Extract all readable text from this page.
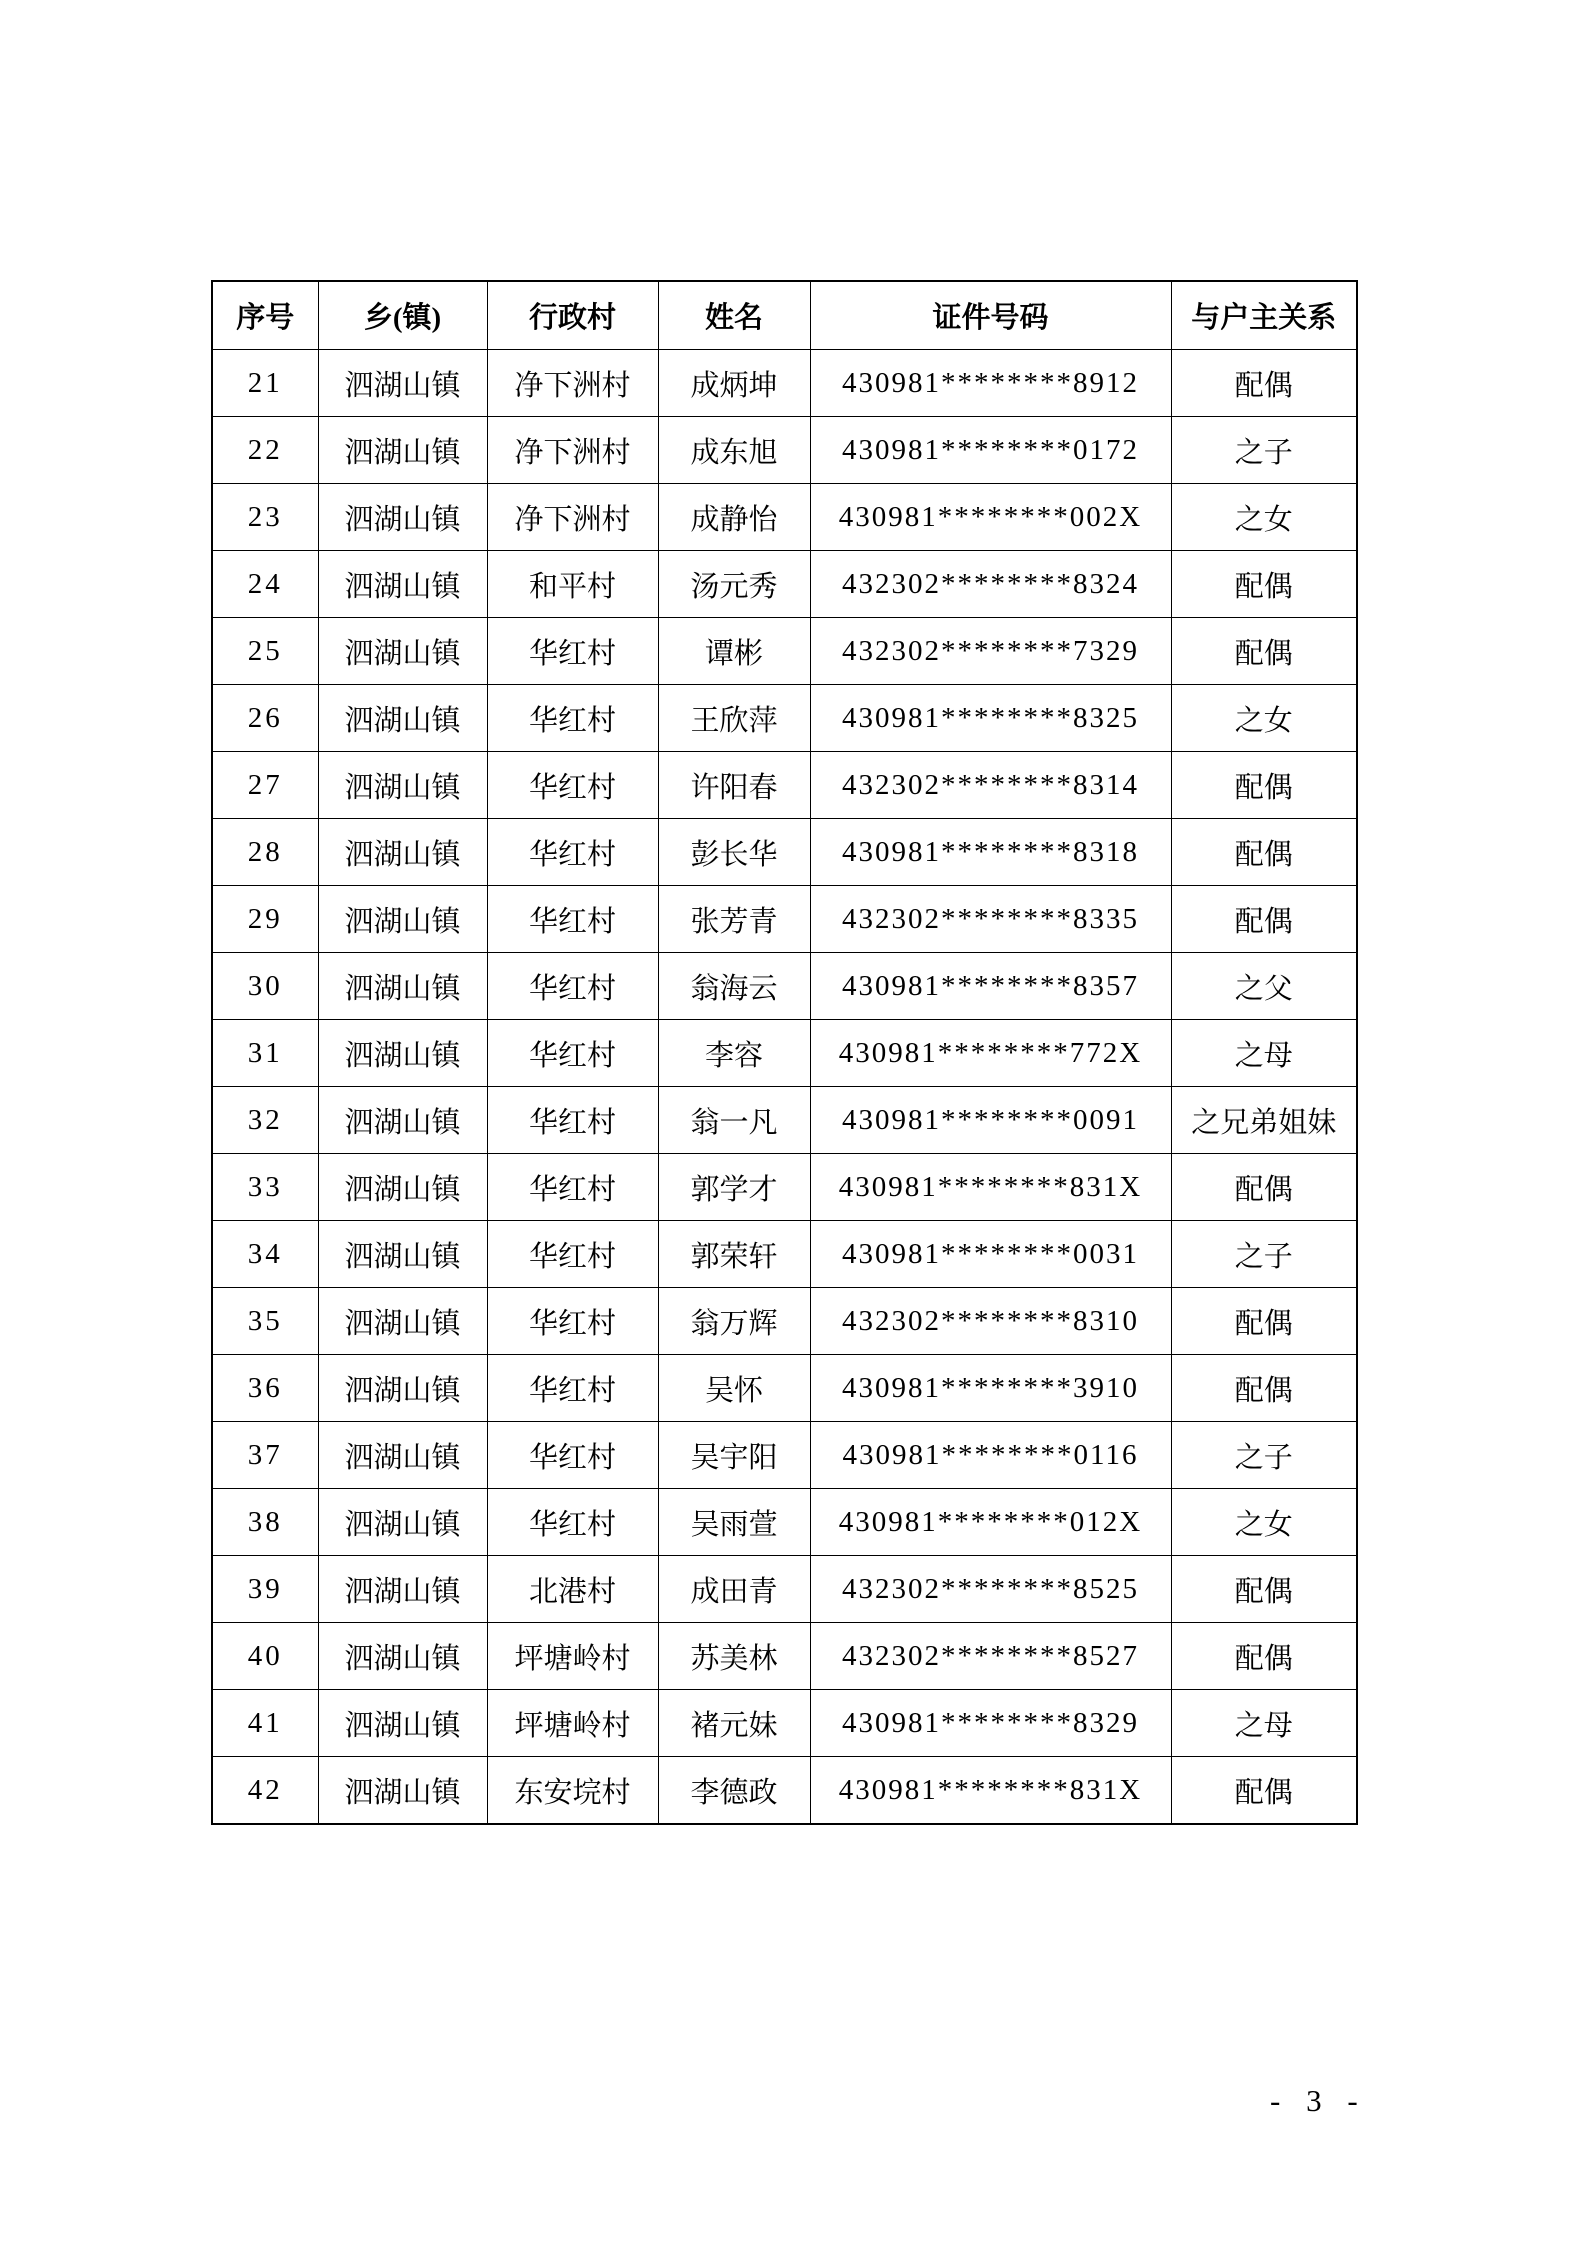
序号	乡(镇)	行政村	姓名	证件号码	与户主关系
21	泗湖山镇	净下洲村	成炳坤	430981********8912	配偶
22	泗湖山镇	净下洲村	成东旭	430981********0172	之子
23	泗湖山镇	净下洲村	成静怡	430981********002X	之女
24	泗湖山镇	和平村	汤元秀	432302********8324	配偶
25	泗湖山镇	华红村	谭彬	432302********7329	配偶
26	泗湖山镇	华红村	王欣萍	430981********8325	之女
27	泗湖山镇	华红村	许阳春	432302********8314	配偶
28	泗湖山镇	华红村	彭长华	430981********8318	配偶
29	泗湖山镇	华红村	张芳青	432302********8335	配偶
30	泗湖山镇	华红村	翁海云	430981********8357	之父
31	泗湖山镇	华红村	李容	430981********772X	之母
32	泗湖山镇	华红村	翁一凡	430981********0091	之兄弟姐妹
33	泗湖山镇	华红村	郭学才	430981********831X	配偶
34	泗湖山镇	华红村	郭荣轩	430981********0031	之子
35	泗湖山镇	华红村	翁万辉	432302********8310	配偶
36	泗湖山镇	华红村	吴怀	430981********3910	配偶
37	泗湖山镇	华红村	吴宇阳	430981********0116	之子
38	泗湖山镇	华红村	吴雨萱	430981********012X	之女
39	泗湖山镇	北港村	成田青	432302********8525	配偶
40	泗湖山镇	坪塘岭村	苏美林	432302********8527	配偶
41	泗湖山镇	坪塘岭村	褚元妹	430981********8329	之母
42	泗湖山镇	东安垸村	李德政	430981********831X	配偶
- 3 -
